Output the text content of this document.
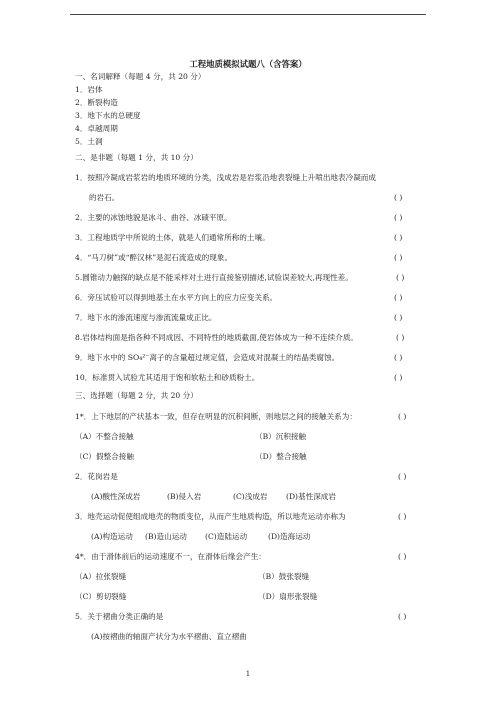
工程地质模拟试题八（含答案）
一、名词解释（每题 4 分，共 20 分）
1．岩体
2．断裂构造
3．地下水的总硬度
4．卓越周期
5．土洞
二、是非题（每题 1 分，共 10 分）
1．按照冷凝成岩浆岩的地质环境的分类，浅成岩是岩浆沿地表裂缝上升喷出地表冷凝而成
的岩石。	( )
2．主要的冰蚀地貌是冰斗、曲谷、冰碛平原。	( )
3．工程地质学中所说的土体，就是人们通常所称的土壤。	( )
4．“马刀树”或“醉汉林”是泥石流造成的现象。	( )
5.圆锥动力触探的缺点是不能采样对土进行直接鉴别描述,试验误差较大,再现性差。	( )
6．旁压试验可以得到地基土在水平方向上的应力应变关系。	( )
7．地下水的渗流速度与渗流流量成正比。	( )
8.岩体结构面是指各种不同成因、不同特性的地质截面,使岩体成为一种不连续介质。	( )
9．地下水中的 SO₄²⁻离子的含量超过规定值，会造成对混凝土的结晶类腐蚀。	( )
10．标准贯入试验尤其适用于饱和软粘土和砂质粉土。	( )
三、选择题（每题 2 分，共 20 分）
1*．上下地层的产状基本一致，但存在明显的沉积间断，则地层之间的接触关系为：	( )
（A）不整合接触	（B）沉积接触
（C）假整合接触	（D）整合接触
2．花岗岩是	( )
(A)酸性深成岩	(B)侵入岩	(C)浅成岩 (D)基性深成岩
3．地壳运动促使组成地壳的物质变位，从而产生地质构造，所以地壳运动亦称为	( )
(A)构造运动 (B)造山运动 (C)造陆运动	(D)造海运动
4*．由于滑体前后的运动速度不一，在滑体后缘会产生：	( )
（A）拉张裂缝	（B）鼓张裂缝
（C）剪切裂缝	（D）扇形张裂缝
5．关于褶曲分类正确的是	( )
(A)按褶曲的轴面产状分为水平褶曲、直立褶曲
1
